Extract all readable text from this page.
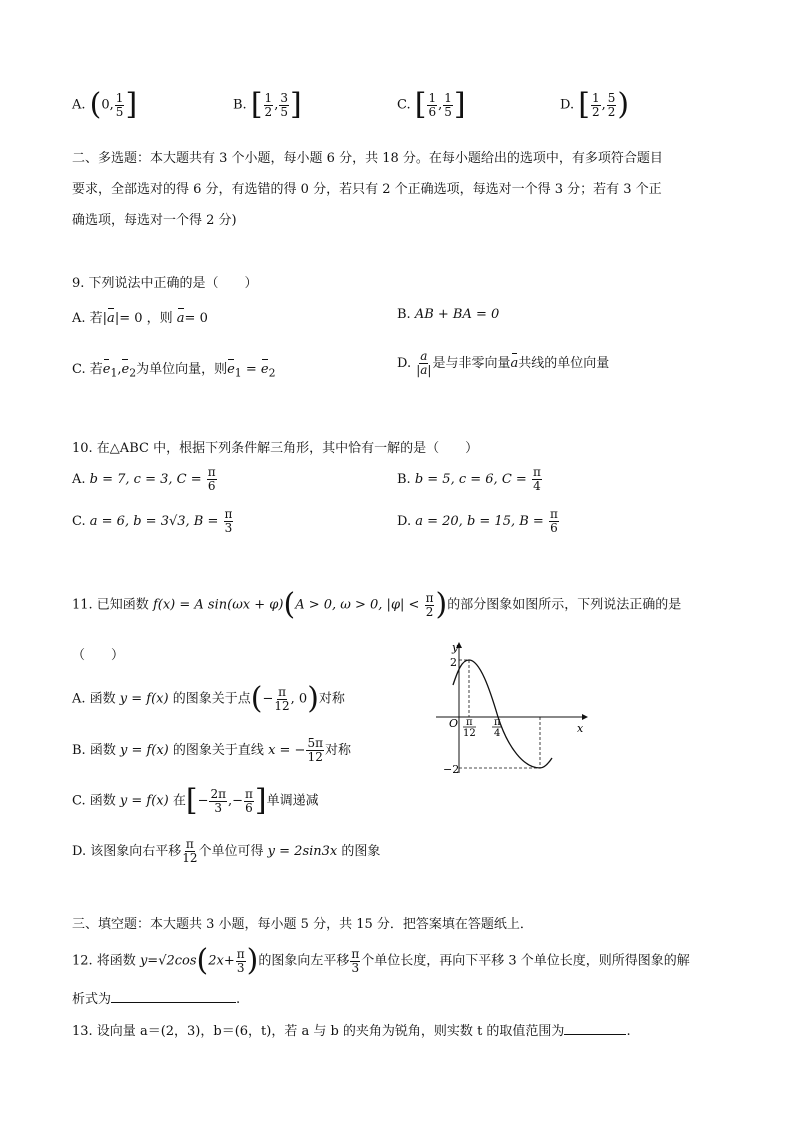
A. (0, $\frac{1}{5}$ ]	B. [ $\frac{1}{2}$ , $\frac{3}{5}$ ]	C. [ $\frac{1}{6}$ , $\frac{1}{5}$ ]	D. [ $\frac{1}{2}$ , $\frac{5}{2}$ )
二、多选题：本大题共有 3 个小题，每小题 6 分，共 18 分。在每小题给出的选项中，有多项符合题目
要求，全部选对的得 6 分，有选错的得 0 分，若只有 2 个正确选项，每选对一个得 3 分；若有 3 个正
确选项，每选对一个得 2 分)
9. 下列说法中正确的是（　　）
A. 若|a|= 0 ，则 a= 0	B. AB + BA = 0
C. 若$e_1,e_2$为单位向量，则$e_1 = e_2$
D. $\frac{a}{|a|}$ 是与非零向量a共线的单位向量
10. 在△ABC 中，根据下列条件解三角形，其中恰有一解的是（　　）
A. b = 7, c = 3, $C = \frac{\pi}{6}$	B. b = 5, c = 6, $C = \frac{\pi}{4}$
C. a = 6, b = 3√3, $B = \frac{\pi}{3}$	D. a = 20, b = 15, $B = \frac{\pi}{6}$
11. 已知函数 f(x) = A sin(ωx + φ)(A > 0, ω > 0, $|\varphi| < \frac{\pi}{2}$ )的部分图象如图所示，下列说法正确的是
（　　）
A. 函数 y = f(x) 的图象关于点(− $\frac{\pi}{12}$ , 0)对称
B. 函数 y = f(x) 的图象关于直线 x = − $\frac{5\pi}{12}$ 对称
C. 函数 y = f(x) 在[− $\frac{2\pi}{3}$ ,− $\frac{\pi}{6}$ ]单调递减
D. 该图象向右平移 $\frac{\pi}{12}$ 个单位可得 y = 2sin3x 的图象
y
x
O
2
−2
π
12
π
4
三、填空题：本大题共 3 小题，每小题 5 分，共 15 分．把答案填在答题纸上．
12. 将函数 $y=√2\cos(2x+ \frac{\pi}{3}$ )的图象向左平移 $\frac{\pi}{3}$ 个单位长度，再向下平移 3 个单位长度，则所得图象的解
析式为	.
13. 设向量 a＝(2，3)，b＝(6，t)，若 a 与 b 的夹角为锐角，则实数 t 的取值范围为	.
